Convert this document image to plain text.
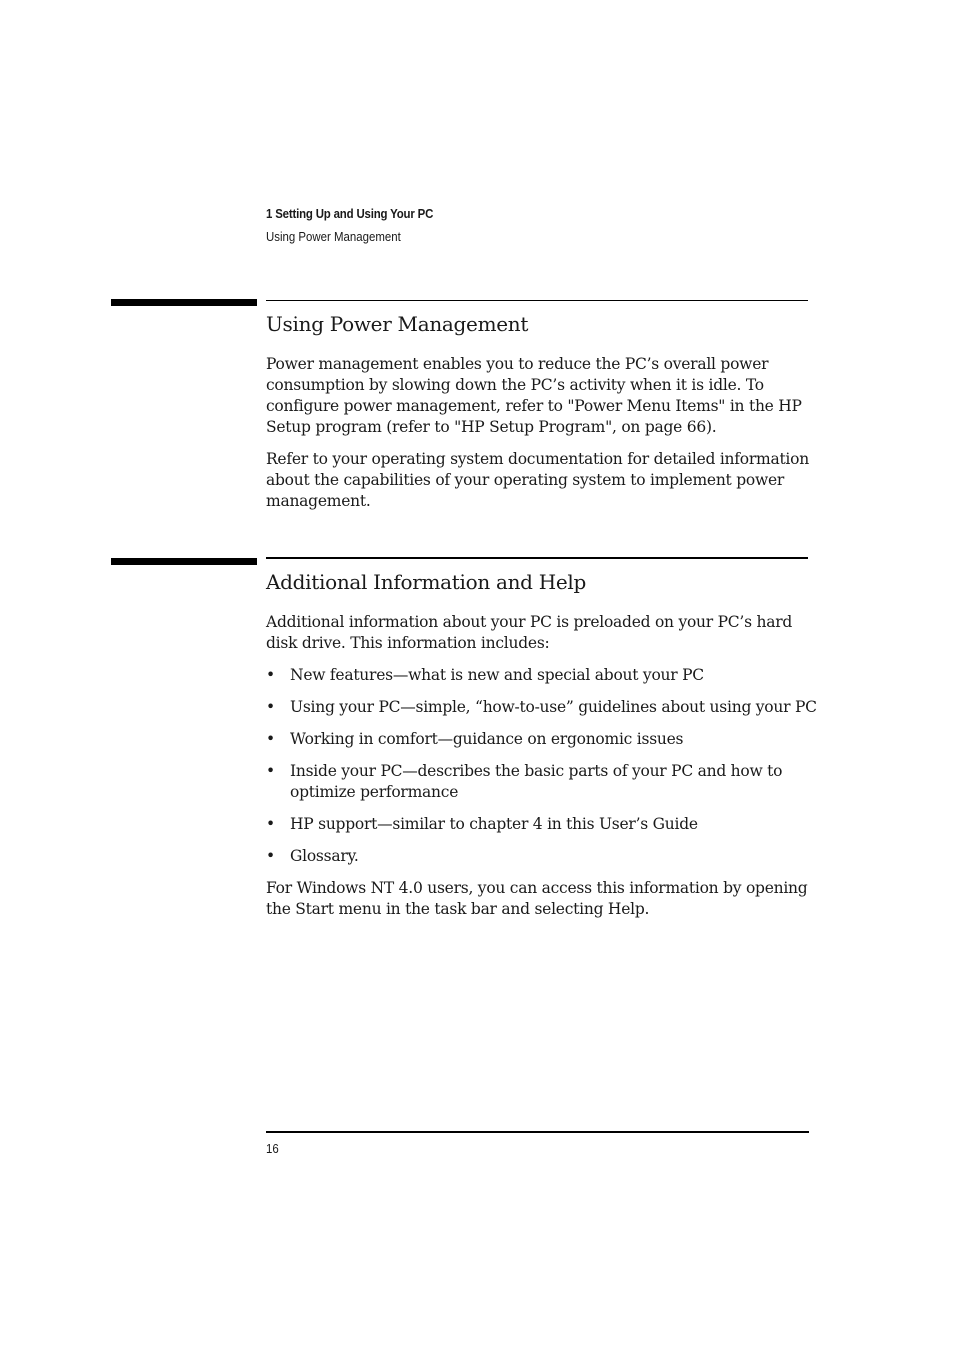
1 Setting Up and Using Your PC
Using Power Management
Using Power Management

Power management enables you to reduce the PC’s overall power consumption by slowing down the PC’s activity when it is idle. To configure power management, refer to "Power Menu Items" in the HP Setup program (refer to "HP Setup Program", on page 66).

Refer to your operating system documentation for detailed information about the capabilities of your operating system to implement power management.

Additional Information and Help

Additional information about your PC is preloaded on your PC’s hard disk drive. This information includes:

• New features—what is new and special about your PC
• Using your PC—simple, “how-to-use” guidelines about using your PC
• Working in comfort—guidance on ergonomic issues
• Inside your PC—describes the basic parts of your PC and how to optimize performance
• HP support—similar to chapter 4 in this User’s Guide
• Glossary.

For Windows NT 4.0 users, you can access this information by opening the Start menu in the task bar and selecting Help.

16
